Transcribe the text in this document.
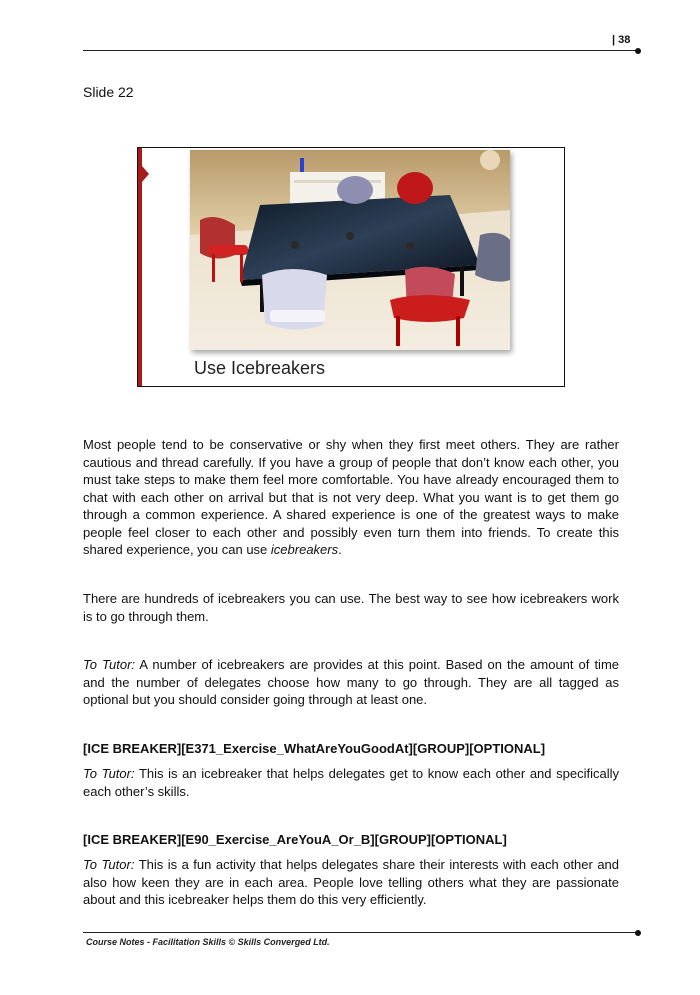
| 38
Slide 22
Use Icebreakers

Most people tend to be conservative or shy when they first meet others. They are rather cautious and thread carefully. If you have a group of people that don’t know each other, you must take steps to make them feel more comfortable. You have already encouraged them to chat with each other on arrival but that is not very deep. What you want is to get them go through a common experience. A shared experience is one of the greatest ways to make people feel closer to each other and possibly even turn them into friends. To create this shared experience, you can use icebreakers.

There are hundreds of icebreakers you can use. The best way to see how icebreakers work is to go through them.

To Tutor: A number of icebreakers are provides at this point. Based on the amount of time and the number of delegates choose how many to go through. They are all tagged as optional but you should consider going through at least one.

[ICE BREAKER][E371_Exercise_WhatAreYouGoodAt][GROUP][OPTIONAL]

To Tutor: This is an icebreaker that helps delegates get to know each other and specifically each other’s skills.

[ICE BREAKER][E90_Exercise_AreYouA_Or_B][GROUP][OPTIONAL]

To Tutor: This is a fun activity that helps delegates share their interests with each other and also how keen they are in each area. People love telling others what they are passionate about and this icebreaker helps them do this very efficiently.

Course Notes - Facilitation Skills © Skills Converged Ltd.
